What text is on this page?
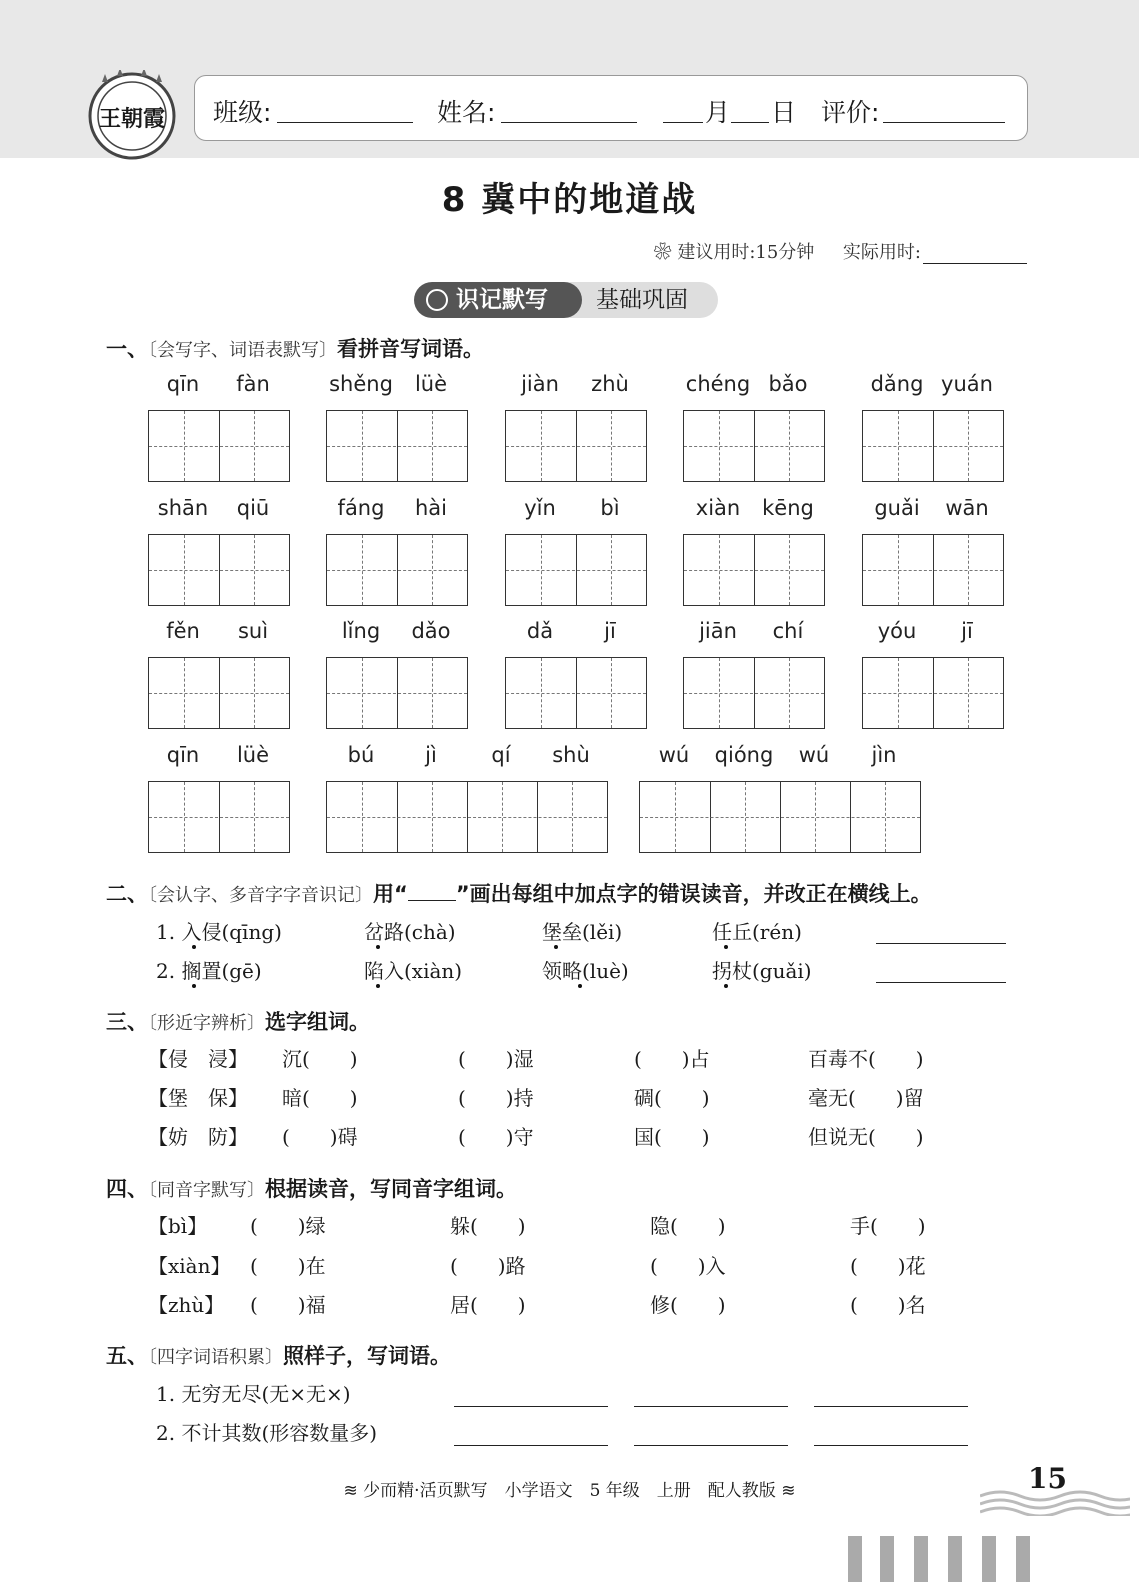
王朝霞	班级:	姓名:	月 日 评价:
8 冀中的地道战
❀ 建议用时:15分钟 实际用时:
基础巩固
识记默写
一、〔会写字、词语表默写〕看拼音写词语。
qīn	fàn	shěng	lüè	jiàn	zhù	chéng bǎo	dǎng yuán
shān	qiū	fáng	hài	yǐn	bì	xiàn	kēng	guǎi	wān
fěn	suì	lǐng	dǎo	dǎ	jī	jiān	chí	yóu	jī
qīn	lüè	bú	jì	qí	shù	wú	qióng	wú	jìn
二、〔会认字、多音字字音识记〕用“ ”画出每组中加点字的错误读音，并改正在横线上。
1. 入侵(qīng)	岔路(chà)	堡垒(lěi)	任丘(rén)
2. 搁置(gē)	陷入(xiàn)	领略(luè)	拐杖(guǎi)
三、〔形近字辨析〕选字组词。
【侵　浸】 沉(　　)	(　　)湿	(　　)占	百毒不(　　)
【堡　保】 暗(　　)	(　　)持	碉(　　)	毫无(　　)留
【妨　防】 (　　)碍	(　　)守	国(　　)	但说无(　　)
四、〔同音字默写〕根据读音，写同音字组词。
【bì】 (　　)绿	躲(　　)	隐(　　)	手(　　)
【xiàn】 (　　)在	(　　)路	(　　)入	(　　)花
【zhù】 (　　)福	居(　　)	修(　　)	(　　)名
五、〔四字词语积累〕照样子，写词语。
1. 无穷无尽(无×无×)
2. 不计其数(形容数量多)
≋ 少而精·活页默写　小学语文　5 年级　上册　配人教版 ≋	15
